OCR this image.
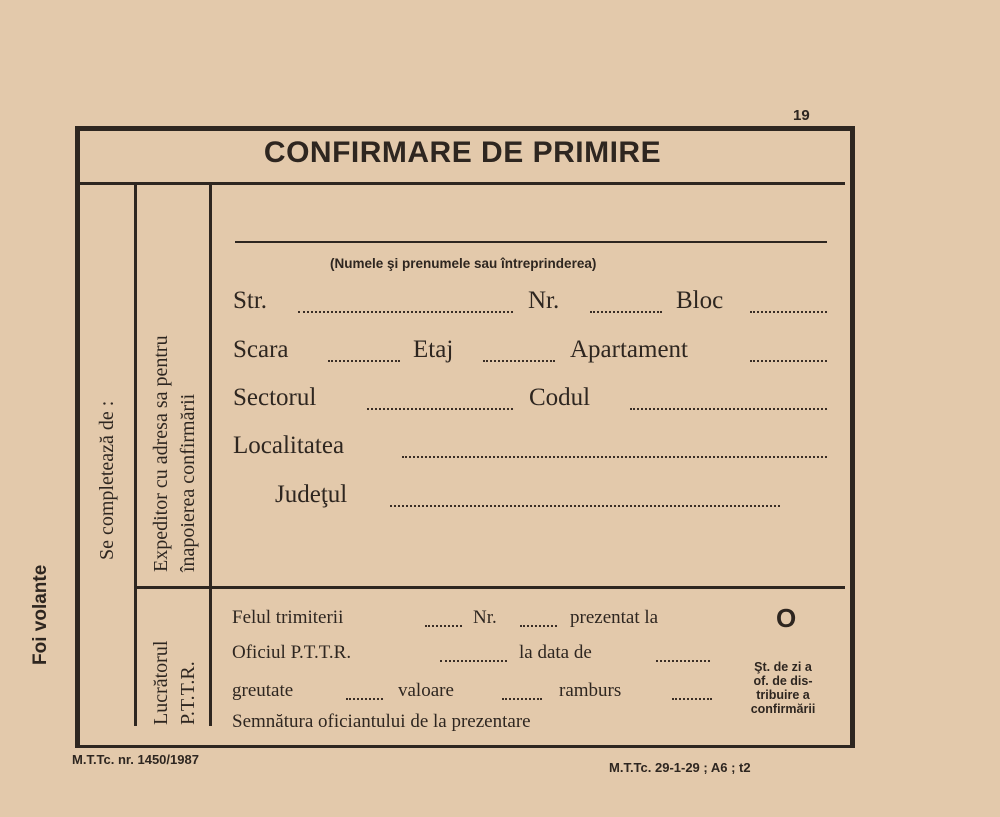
19
CONFIRMARE DE PRIMIRE
Foi volante
Se completează de : Expeditor cu adresa sa pentru înapoierea confirmării
Lucrătorul P.T.T.R.
(Numele şi prenumele sau întreprinderea)
Str.	Nr.	Bloc
Scara	Etaj	Apartament
Sectorul	Codul
Localitatea
Judeţul
Felul trimiterii	Nr.	prezentat la	O
Oficiul P.T.T.R.	la data de
greutate	valoare	ramburs
Semnătura oficiantului de la prezentare
Şt. de zi a
of. de dis-
tribuire a
confirmării
M.T.Tc. nr. 1450/1987
M.T.Tc. 29-1-29 ; A6 ; t2
